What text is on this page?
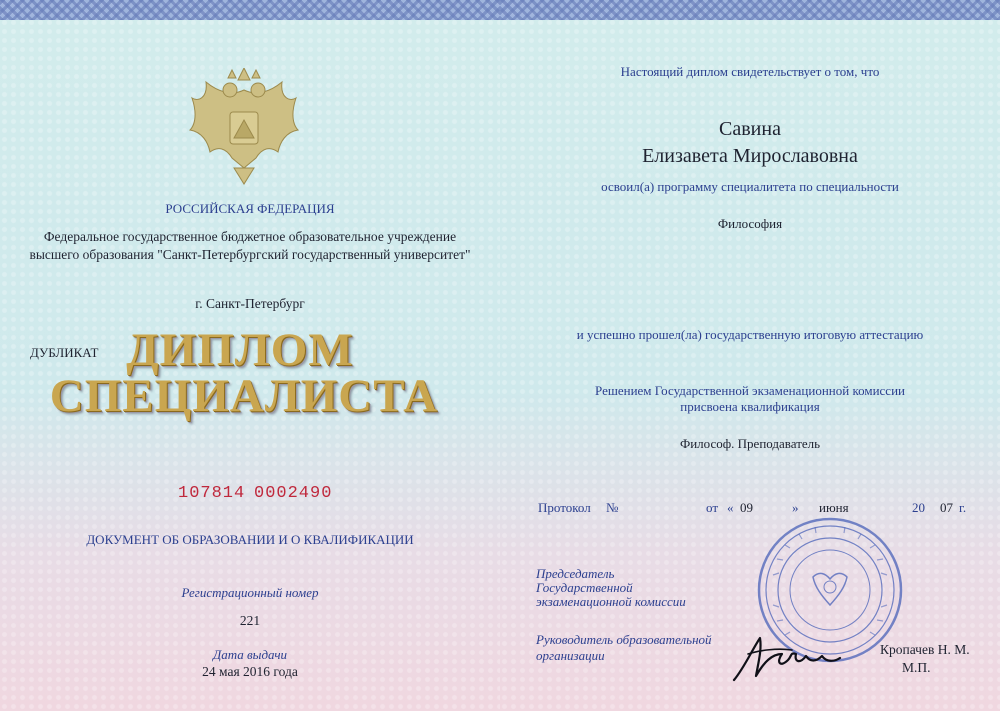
РОССИЙСКАЯ ФЕДЕРАЦИЯ
Федеральное государственное бюджетное образовательное учреждение
высшего образования "Санкт-Петербургский государственный университет"
г. Санкт-Петербург
ДУБЛИКАТ ДИПЛОМ
СПЕЦИАЛИСТА
107814 0002490
ДОКУМЕНТ ОБ ОБРАЗОВАНИИ И О КВАЛИФИКАЦИИ
Регистрационный номер
221
Дата выдачи
24 мая 2016 года
Настоящий диплом свидетельствует о том, что
Савина
Елизавета Мирославовна
освоил(а) программу специалитета по специальности
Философия
и успешно прошел(ла) государственную итоговую аттестацию
Решением Государственной экзаменационной комиссии
присвоена квалификация
Философ. Преподаватель
Протокол №	от « 09	» июня	20 07 г.
Председатель
Государственной
экзаменационной комиссии
Руководитель образовательной
организации	Кропачев Н. М.
М.П.
